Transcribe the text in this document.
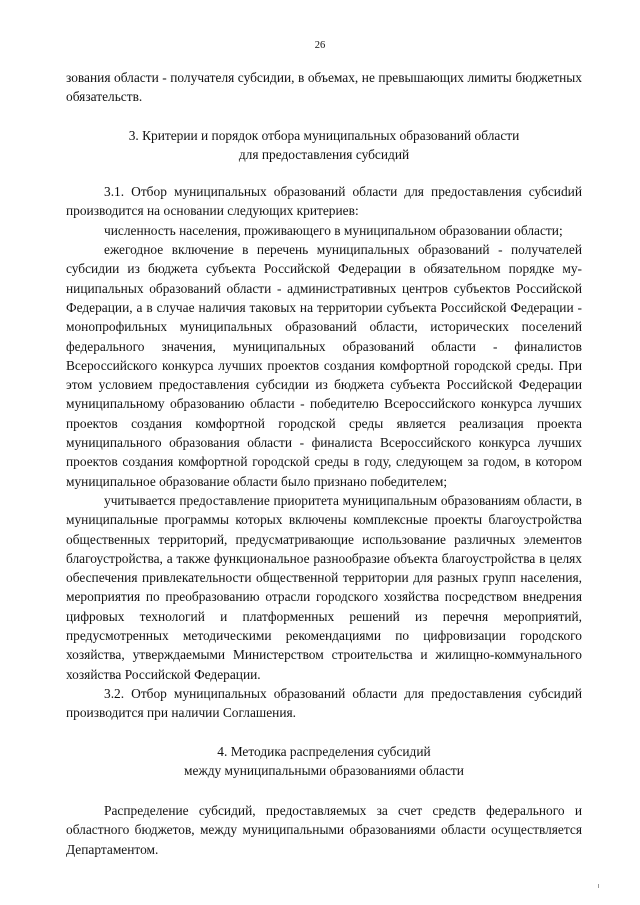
26

зования области - получателя субсидии, в объемах, не превышающих лимиты бюджетных обязательств.

3. Критерии и порядок отбора муниципальных образований области

для предоставления субсидий

3.1. Отбор муниципальных образований области для предоставления субсиdий производится на основании следующих критериев:

численность населения, проживающего в муниципальном образовании области;

ежегодное включение в перечень муниципальных образований - получателей субсидии из бюджета субъекта Российской Федерации в обязательном порядке муниципальных образований области - административных центров субъектов Российской Федерации, а в случае наличия таковых на территории субъекта Российской Федерации - монопрофильных муниципальных образований области, исторических поселений федерального значения, муниципальных образований области - финалистов Всероссийского конкурса лучших проектов создания комфортной городской среды. При этом условием предоставления субсидии из бюджета субъекта Российской Федерации муниципальному образованию области - победителю Всероссийского конкурса лучших проектов создания комфортной городской среды является реализация проекта муниципального образования области - финалиста Всероссийского конкурса лучших проектов создания комфортной городской среды в году, следующем за годом, в котором муниципальное образование области было признано победителем;

учитывается предоставление приоритета муниципальным образованиям области, в муниципальные программы которых включены комплексные проекты благоустройства общественных территорий, предусматривающие использование различных элементов благоустройства, а также функциональное разнообразие объекта благоустройства в целях обеспечения привлекательности общественной территории для разных групп населения, мероприятия по преобразованию отрасли городского хозяйства посредством внедрения цифровых технологий и платформенных решений из перечня мероприятий, предусмотренных методическими рекомендациями по цифровизации городского хозяйства, утверждаемыми Министерством строительства и жилищно-коммунального хозяйства Российской Федерации.

3.2. Отбор муниципальных образований области для предоставления субсидий производится при наличии Соглашения.

4. Методика распределения субсидий

между муниципальными образованиями области

Распределение субсидий, предоставляемых за счет средств федерального и областного бюджетов, между муниципальными образованиями области осуществляется Департаментом.
